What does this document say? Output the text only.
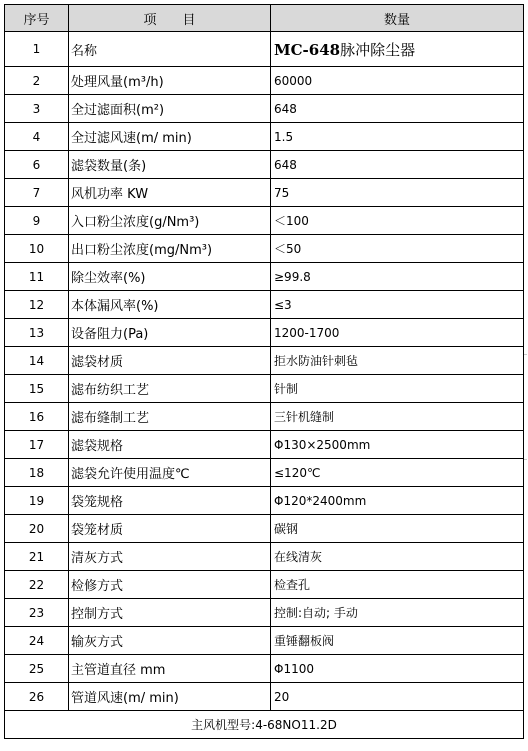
序号	项　　目	数量
1	名称	MC-648脉冲除尘器
2	处理风量(m³/h)	60000
3	全过滤面积(m²)	648
4	全过滤风速(m/ min)	1.5
6	滤袋数量(条)	648
7	风机功率 KW	75
9	入口粉尘浓度(g/Nm³)	＜100
10	出口粉尘浓度(mg/Nm³)	＜50
11	除尘效率(%)	≥99.8
12	本体漏风率(%)	≤3
13	设备阻力(Pa)	1200-1700
14	滤袋材质	拒水防油针刺毡
15	滤布纺织工艺	针制
16	滤布缝制工艺	三针机缝制
17	滤袋规格	Φ130×2500mm
18	滤袋允许使用温度℃	≤120℃
19	袋笼规格	Φ120*2400mm
20	袋笼材质	碳钢
21	清灰方式	在线清灰
22	检修方式	检查孔
23	控制方式	控制:自动; 手动
24	输灰方式	重锤翻板阀
25	主管道直径 mm	Φ1100
26	管道风速(m/ min)	20
主风机型号:4-68NO11.2D		
